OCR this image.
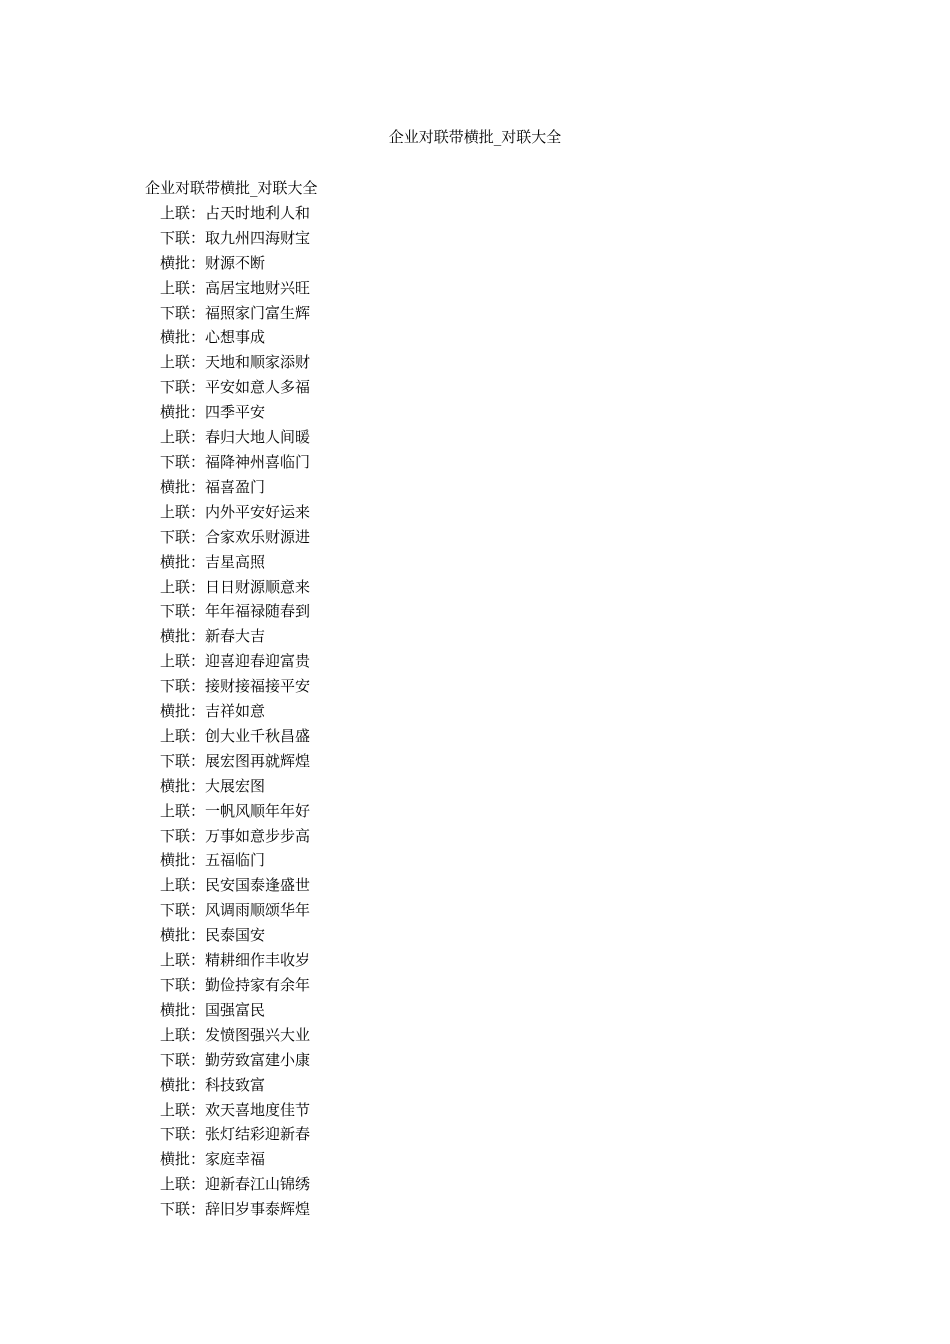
企业对联带横批_对联大全

企业对联带横批_对联大全

上联：占天时地利人和
下联：取九州四海财宝
横批：财源不断
上联：高居宝地财兴旺
下联：福照家门富生辉
横批：心想事成
上联：天地和顺家添财
下联：平安如意人多福
横批：四季平安
上联：春归大地人间暖
下联：福降神州喜临门
横批：福喜盈门
上联：内外平安好运来
下联：合家欢乐财源进
横批：吉星高照
上联：日日财源顺意来
下联：年年福禄随春到
横批：新春大吉
上联：迎喜迎春迎富贵
下联：接财接福接平安
横批：吉祥如意
上联：创大业千秋昌盛
下联：展宏图再就辉煌
横批：大展宏图
上联：一帆风顺年年好
下联：万事如意步步高
横批：五福临门
上联：民安国泰逢盛世
下联：风调雨顺颂华年
横批：民泰国安
上联：精耕细作丰收岁
下联：勤俭持家有余年
横批：国强富民
上联：发愤图强兴大业
下联：勤劳致富建小康
横批：科技致富
上联：欢天喜地度佳节
下联：张灯结彩迎新春
横批：家庭幸福
上联：迎新春江山锦绣
下联：辞旧岁事泰辉煌
